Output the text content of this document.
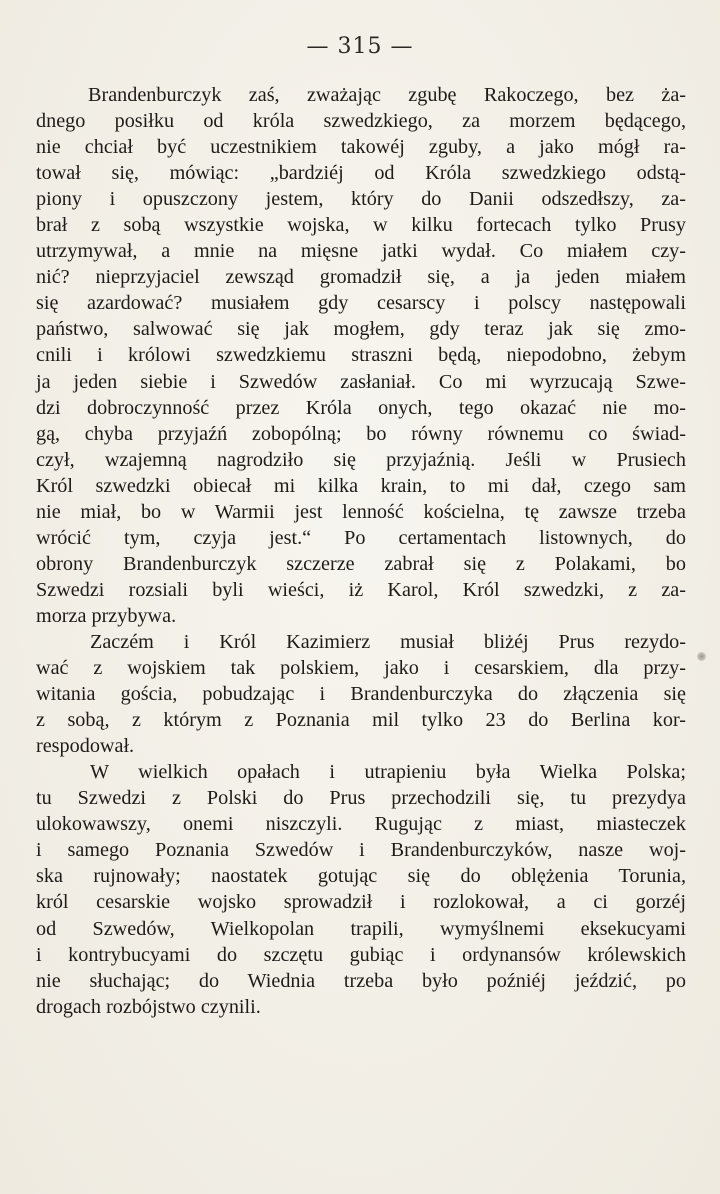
— 315 —
Brandenburczyk zaś, zważając zgubę Rakoczego, bez ża-
dnego posiłku od króla szwedzkiego, za morzem będącego,
nie chciał być uczestnikiem takowéj zguby, a jako mógł ra-
tował się, mówiąc: „bardziéj od Króla szwedzkiego odstą-
piony i opuszczony jestem, który do Danii odszedłszy, za-
brał z sobą wszystkie wojska, w kilku fortecach tylko Prusy
utrzymywał, a mnie na mięsne jatki wydał. Co miałem czy-
nić? nieprzyjaciel zewsząd gromadził się, a ja jeden miałem
się azardować? musiałem gdy cesarscy i polscy następowali
państwo, salwować się jak mogłem, gdy teraz jak się zmo-
cnili i królowi szwedzkiemu straszni będą, niepodobno, żebym
ja jeden siebie i Szwedów zasłaniał. Co mi wyrzucają Szwe-
dzi dobroczynność przez Króla onych, tego okazać nie mo-
gą, chyba przyjaźń zobopólną; bo równy równemu co świad-
czył, wzajemną nagrodziło się przyjaźnią. Jeśli w Prusiech
Król szwedzki obiecał mi kilka krain, to mi dał, czego sam
nie miał, bo w Warmii jest lenność kościelna, tę zawsze trzeba
wrócić tym, czyja jest.“ Po certamentach listownych, do
obrony Brandenburczyk szczerze zabrał się z Polakami, bo
Szwedzi rozsiali byli wieści, iż Karol, Król szwedzki, z za-
morza przybywa.
Zaczém i Król Kazimierz musiał bliżéj Prus rezydo-
wać z wojskiem tak polskiem, jako i cesarskiem, dla przy-
witania gościa, pobudzając i Brandenburczyka do złączenia się
z sobą, z którym z Poznania mil tylko 23 do Berlina kor-
respodował.
W wielkich opałach i utrapieniu była Wielka Polska;
tu Szwedzi z Polski do Prus przechodzili się, tu prezydya
ulokowawszy, onemi niszczyli. Rugując z miast, miasteczek
i samego Poznania Szwedów i Brandenburczyków, nasze woj-
ska rujnowały; naostatek gotując się do oblężenia Torunia,
król cesarskie wojsko sprowadził i rozlokował, a ci gorzéj
od Szwedów, Wielkopolan trapili, wymyślnemi eksekucyami
i kontrybucyami do szczętu gubiąc i ordynansów królewskich
nie słuchając; do Wiednia trzeba było poźniéj jeździć, po
drogach rozbójstwo czynili.
